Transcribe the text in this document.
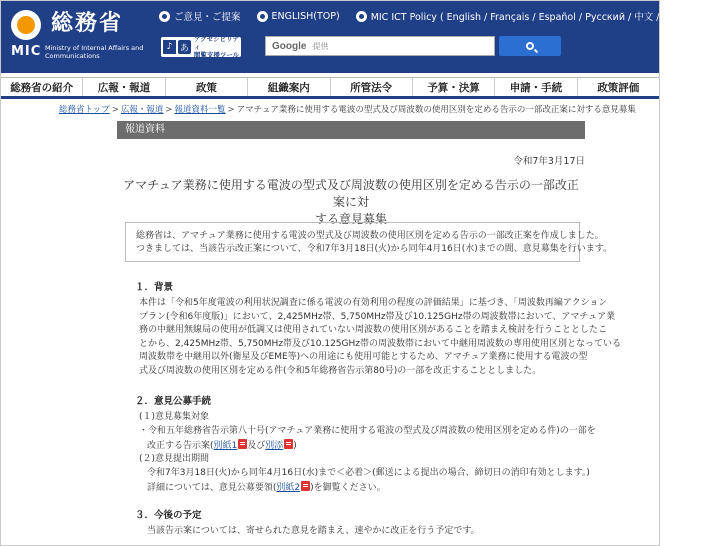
総務省
MIC Ministry of Internal Affairs and Communications
ご意見・ご提案	ENGLISH(TOP)	MIC ICT Policy ( English / Français / Español / Русский / 中文 / عربي )
♪ あ
アクセシビリティ
閲覧支援ツール
Google 提供
総務省の紹介	広報・報道	政策	組織案内	所管法令	予算・決算	申請・手続	政策評価
総務省トップ > 広報・報道 > 報道資料一覧 > アマチュア業務に使用する電波の型式及び周波数の使用区別を定める告示の一部改正案に対する意見募集
報道資料
令和7年3月17日
アマチュア業務に使用する電波の型式及び周波数の使用区別を定める告示の一部改正案に対
する意見募集

総務省は、アマチュア業務に使用する電波の型式及び周波数の使用区別を定める告示の一部改正案を作成しました。

つきましては、当該告示改正案について、令和7年3月18日(火)から同年4月16日(水)までの間、意見募集を行います。

１．背景

本件は「令和5年度電波の利用状況調査に係る電波の有効利用の程度の評価結果」に基づき、「周波数再編アクション

プラン(令和6年度版)」において、2,425MHz帯、5,750MHz帯及び10.125GHz帯の周波数帯において、アマチュア業

務の中継用無線局の使用が低調又は使用されていない周波数の使用区別があることを踏まえ検討を行うこととしたこ

とから、2,425MHz帯、5,750MHz帯及び10.125GHz帯の周波数帯において中継用周波数の専用使用区別となっている

周波数帯を中継用以外(衛星及びEME等)への用途にも使用可能とするため、アマチュア業務に使用する電波の型

式及び周波数の使用区別を定める件(令和5年総務省告示第80号)の一部を改正することとしました。

２．意見公募手続
(１)意見募集対象
・令和五年総務省告示第八十号(アマチュア業務に使用する電波の型式及び周波数の使用区別を定める件)の一部を
改正する告示案(別紙1 及び別添 )
(２)意見提出期間
令和7年3月18日(火)から同年4月16日(水)まで＜必着＞(郵送による提出の場合、締切日の消印有効とします。)
詳細については、意見公募要領(別紙2 )を御覧ください。
３．今後の予定
当該告示案については、寄せられた意見を踏まえ、速やかに改正を行う予定です。
